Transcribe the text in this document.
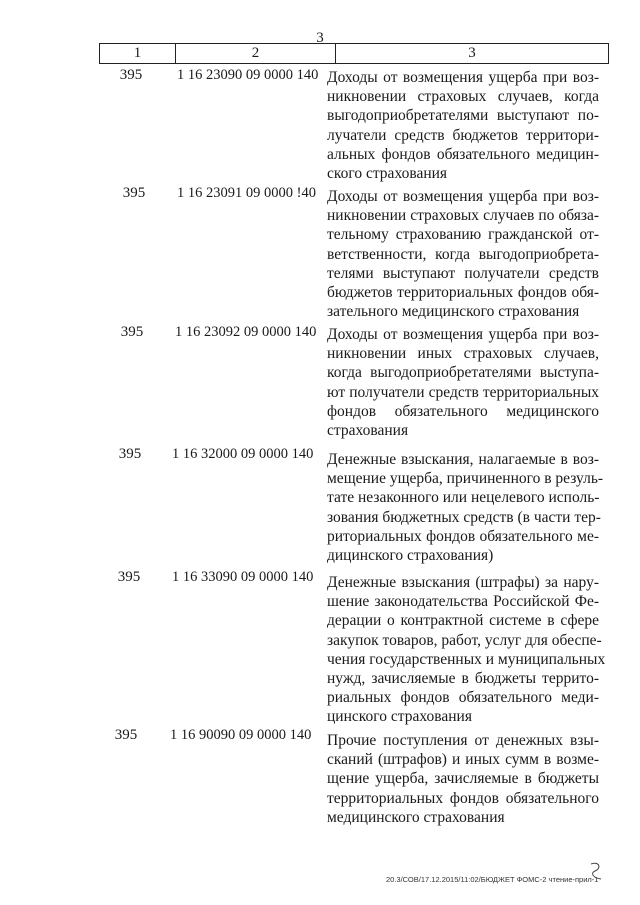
3
1	2	3
395	1 16 23090 09 0000 140 Доходы от возмещения ущерба при воз-
никновении страховых случаев, когда
выгодоприобретателями выступают по-
лучатели средств бюджетов территори-
альных фондов обязательного медицин-
ского страхования
395	1 16 23091 09 0000 !40 Доходы от возмещения ущерба при воз-
никновении страховых случаев по обяза-
тельному страхованию гражданской от-
ветственности, когда выгодоприобрета-
телями выступают получатели средств
бюджетов территориальных фондов обя-
зательного медицинского страхования
395	1 16 23092 09 0000 140 Доходы от возмещения ущерба при воз-
никновении иных страховых случаев,
когда выгодоприобретателями выступа-
ют получатели средств территориальных
фондов обязательного медицинского
страхования
395	1 16 32000 09 0000 140 Денежные взыскания, налагаемые в воз-
мещение ущерба, причиненного в резуль-
тате незаконного или нецелевого исполь-
зования бюджетных средств (в части тер-
риториальных фондов обязательного ме-
дицинского страхования)
395	1 16 33090 09 0000 140 Денежные взыскания (штрафы) за нару-
шение законодательства Российской Фе-
дерации о контрактной системе в сфере
закупок товаров, работ, услуг для обеспе-
чения государственных и муниципальных
нужд, зачисляемые в бюджеты террито-
риальных фондов обязательного меди-
цинского страхования
395	1 16 90090 09 0000 140 Прочие поступления от денежных взы-
сканий (штрафов) и иных сумм в возме-
щение ущерба, зачисляемые в бюджеты
территориальных фондов обязательного
медицинского страхования
20.3/СОВ/17.12.2015/11:02/БЮДЖЕТ ФОМС-2 чтение-прил-1
